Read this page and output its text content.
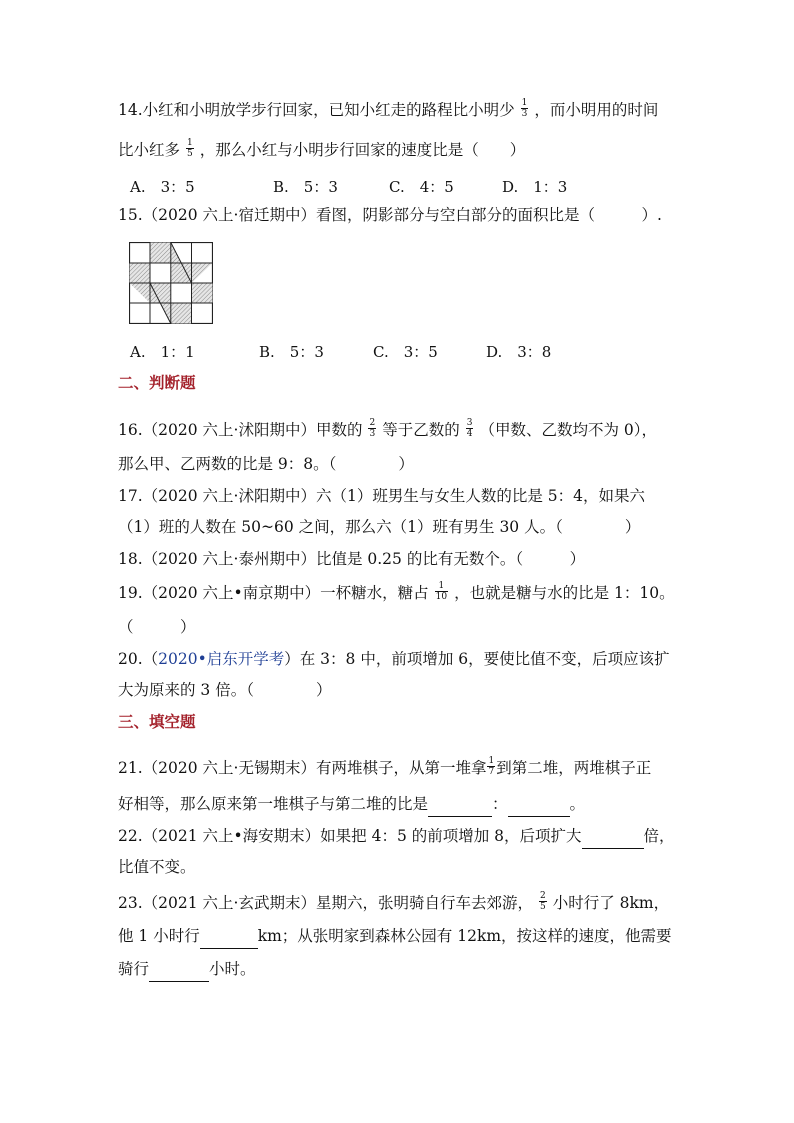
14.小红和小明放学步行回家，已知小红走的路程比小明少 $\frac{1}{3}$ ，而小明用的时间
比小红多 $\frac{1}{5}$ ，那么小红与小明步行回家的速度比是（　　）
A.　3：5	B.　5：3	C.　4：5	D.　1：3
15.（2020 六上·宿迁期中）看图，阴影部分与空白部分的面积比是（　　　）.
A.　1：1	B.　5：3	C.　3：5	D.　3：8
二、判断题
16.（2020 六上·沭阳期中）甲数的 $\frac{2}{3}$ 等于乙数的 $\frac{3}{4}$ （甲数、乙数均不为 0），
那么甲、乙两数的比是 9：8。（　　　　）
17.（2020 六上·沭阳期中）六（1）班男生与女生人数的比是 5：4，如果六
（1）班的人数在 50~60 之间，那么六（1）班有男生 30 人。（　　　　）
18.（2020 六上·泰州期中）比值是 0.25 的比有无数个。（　　　）
19.（2020 六上•南京期中）一杯糖水，糖占 $\frac{1}{10}$ ，也就是糖与水的比是 1：10。
（　　　）
20.（2020•启东开学考）在 3：8 中，前项增加 6，要使比值不变，后项应该扩
大为原来的 3 倍。（　　　　）
三、填空题
21.（2020 六上·无锡期末）有两堆棋子，从第一堆拿 $\frac{1}{7}$ 到第二堆，两堆棋子正
好相等，那么原来第一堆棋子与第二堆的比是	：	。
22.（2021 六上•海安期末）如果把 4：5 的前项增加 8，后项扩大	倍，
比值不变。
23.（2021 六上·玄武期末）星期六，张明骑自行车去郊游， $\frac{2}{5}$ 小时行了 8km，
他 1 小时行	km；从张明家到森林公园有 12km，按这样的速度，他需要
骑行	小时。
